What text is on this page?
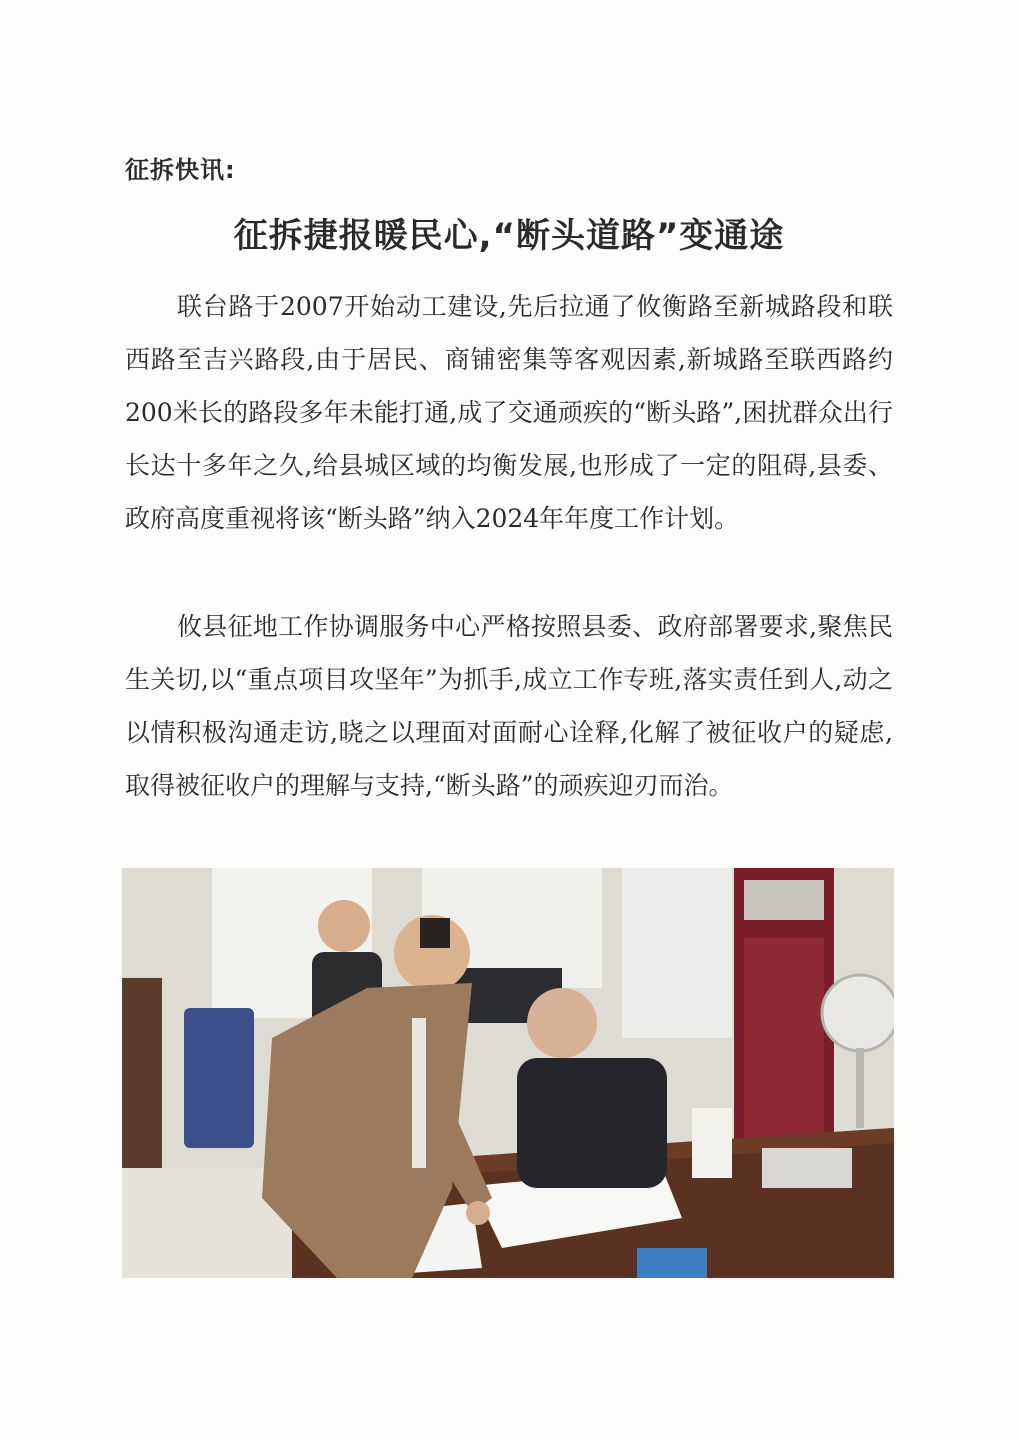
征拆快讯:
征拆捷报暖民心,“断头道路”变通途

联台路于2007开始动工建设,先后拉通了攸衡路至新城路段和联西路至吉兴路段,由于居民、商铺密集等客观因素,新城路至联西路约200米长的路段多年未能打通,成了交通顽疾的“断头路”,困扰群众出行长达十多年之久,给县城区域的均衡发展,也形成了一定的阻碍,县委、政府高度重视将该“断头路”纳入2024年年度工作计划。

攸县征地工作协调服务中心严格按照县委、政府部署要求,聚焦民生关切,以“重点项目攻坚年”为抓手,成立工作专班,落实责任到人,动之以情积极沟通走访,晓之以理面对面耐心诠释,化解了被征收户的疑虑,取得被征收户的理解与支持,“断头路”的顽疾迎刃而治。
